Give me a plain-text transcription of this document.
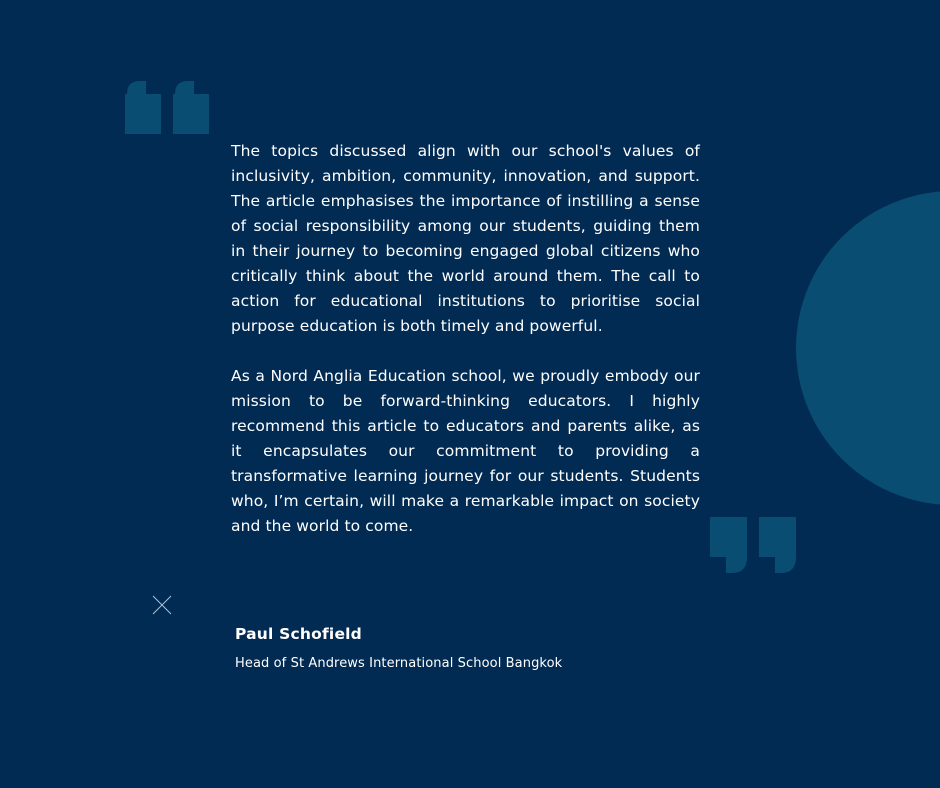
The topics discussed align with our school's values of inclusivity, ambition, community, innovation, and support. The article emphasises the importance of instilling a sense of social responsibility among our students, guiding them in their journey to becoming engaged global citizens who critically think about the world around them. The call to action for educational institutions to prioritise social purpose education is both timely and powerful.

As a Nord Anglia Education school, we proudly embody our mission to be forward-thinking educators. I highly recommend this article to educators and parents alike, as it encapsulates our commitment to providing a transformative learning journey for our students. Students who, I’m certain, will make a remarkable impact on society and the world to come.

Paul Schofield
Head of St Andrews International School Bangkok
